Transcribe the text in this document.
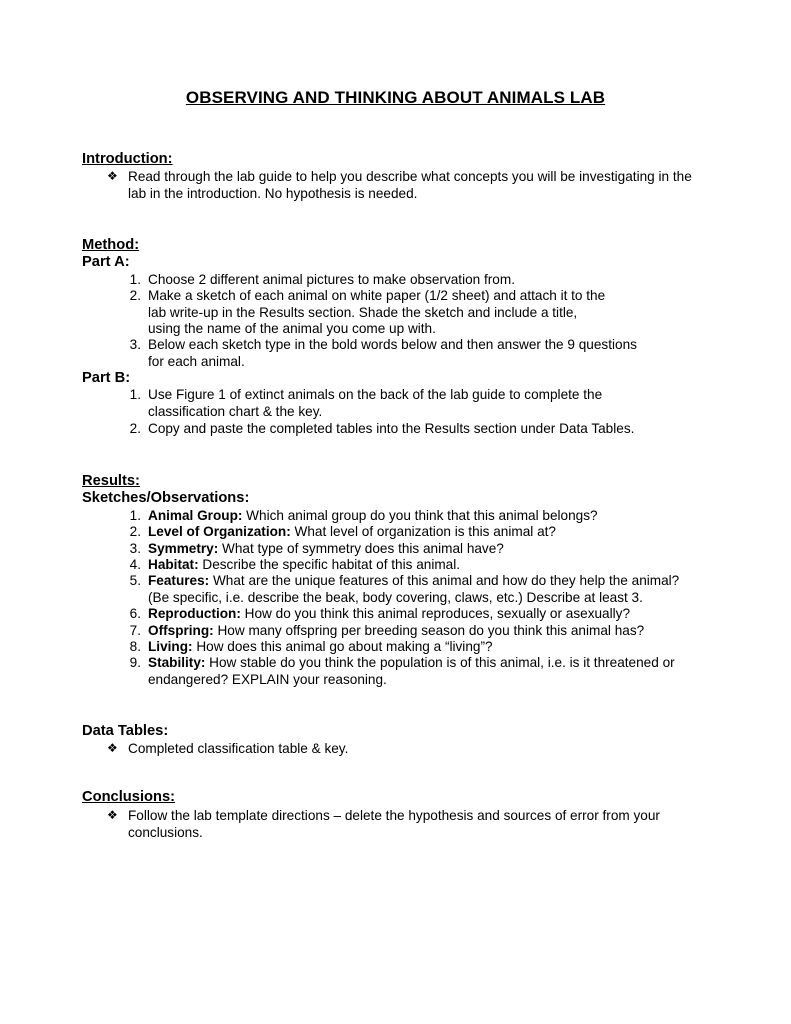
OBSERVING AND THINKING ABOUT ANIMALS LAB
Introduction:
❖ Read through the lab guide to help you describe what concepts you will be investigating in the
lab in the introduction. No hypothesis is needed.
Method:
Part A:
1. Choose 2 different animal pictures to make observation from.
2. Make a sketch of each animal on white paper (1/2 sheet) and attach it to the
lab write-up in the Results section. Shade the sketch and include a title,
using the name of the animal you come up with.
3. Below each sketch type in the bold words below and then answer the 9 questions
for each animal.
Part B:
1. Use Figure 1 of extinct animals on the back of the lab guide to complete the
classification chart & the key.
2. Copy and paste the completed tables into the Results section under Data Tables.
Results:
Sketches/Observations:
1. Animal Group: Which animal group do you think that this animal belongs?
2. Level of Organization: What level of organization is this animal at?
3. Symmetry: What type of symmetry does this animal have?
4. Habitat: Describe the specific habitat of this animal.
5. Features: What are the unique features of this animal and how do they help the animal?
(Be specific, i.e. describe the beak, body covering, claws, etc.) Describe at least 3.
6. Reproduction: How do you think this animal reproduces, sexually or asexually?
7. Offspring: How many offspring per breeding season do you think this animal has?
8. Living: How does this animal go about making a “living”?
9. Stability: How stable do you think the population is of this animal, i.e. is it threatened or
endangered? EXPLAIN your reasoning.
Data Tables:
❖ Completed classification table & key.
Conclusions:
❖ Follow the lab template directions – delete the hypothesis and sources of error from your
conclusions.
